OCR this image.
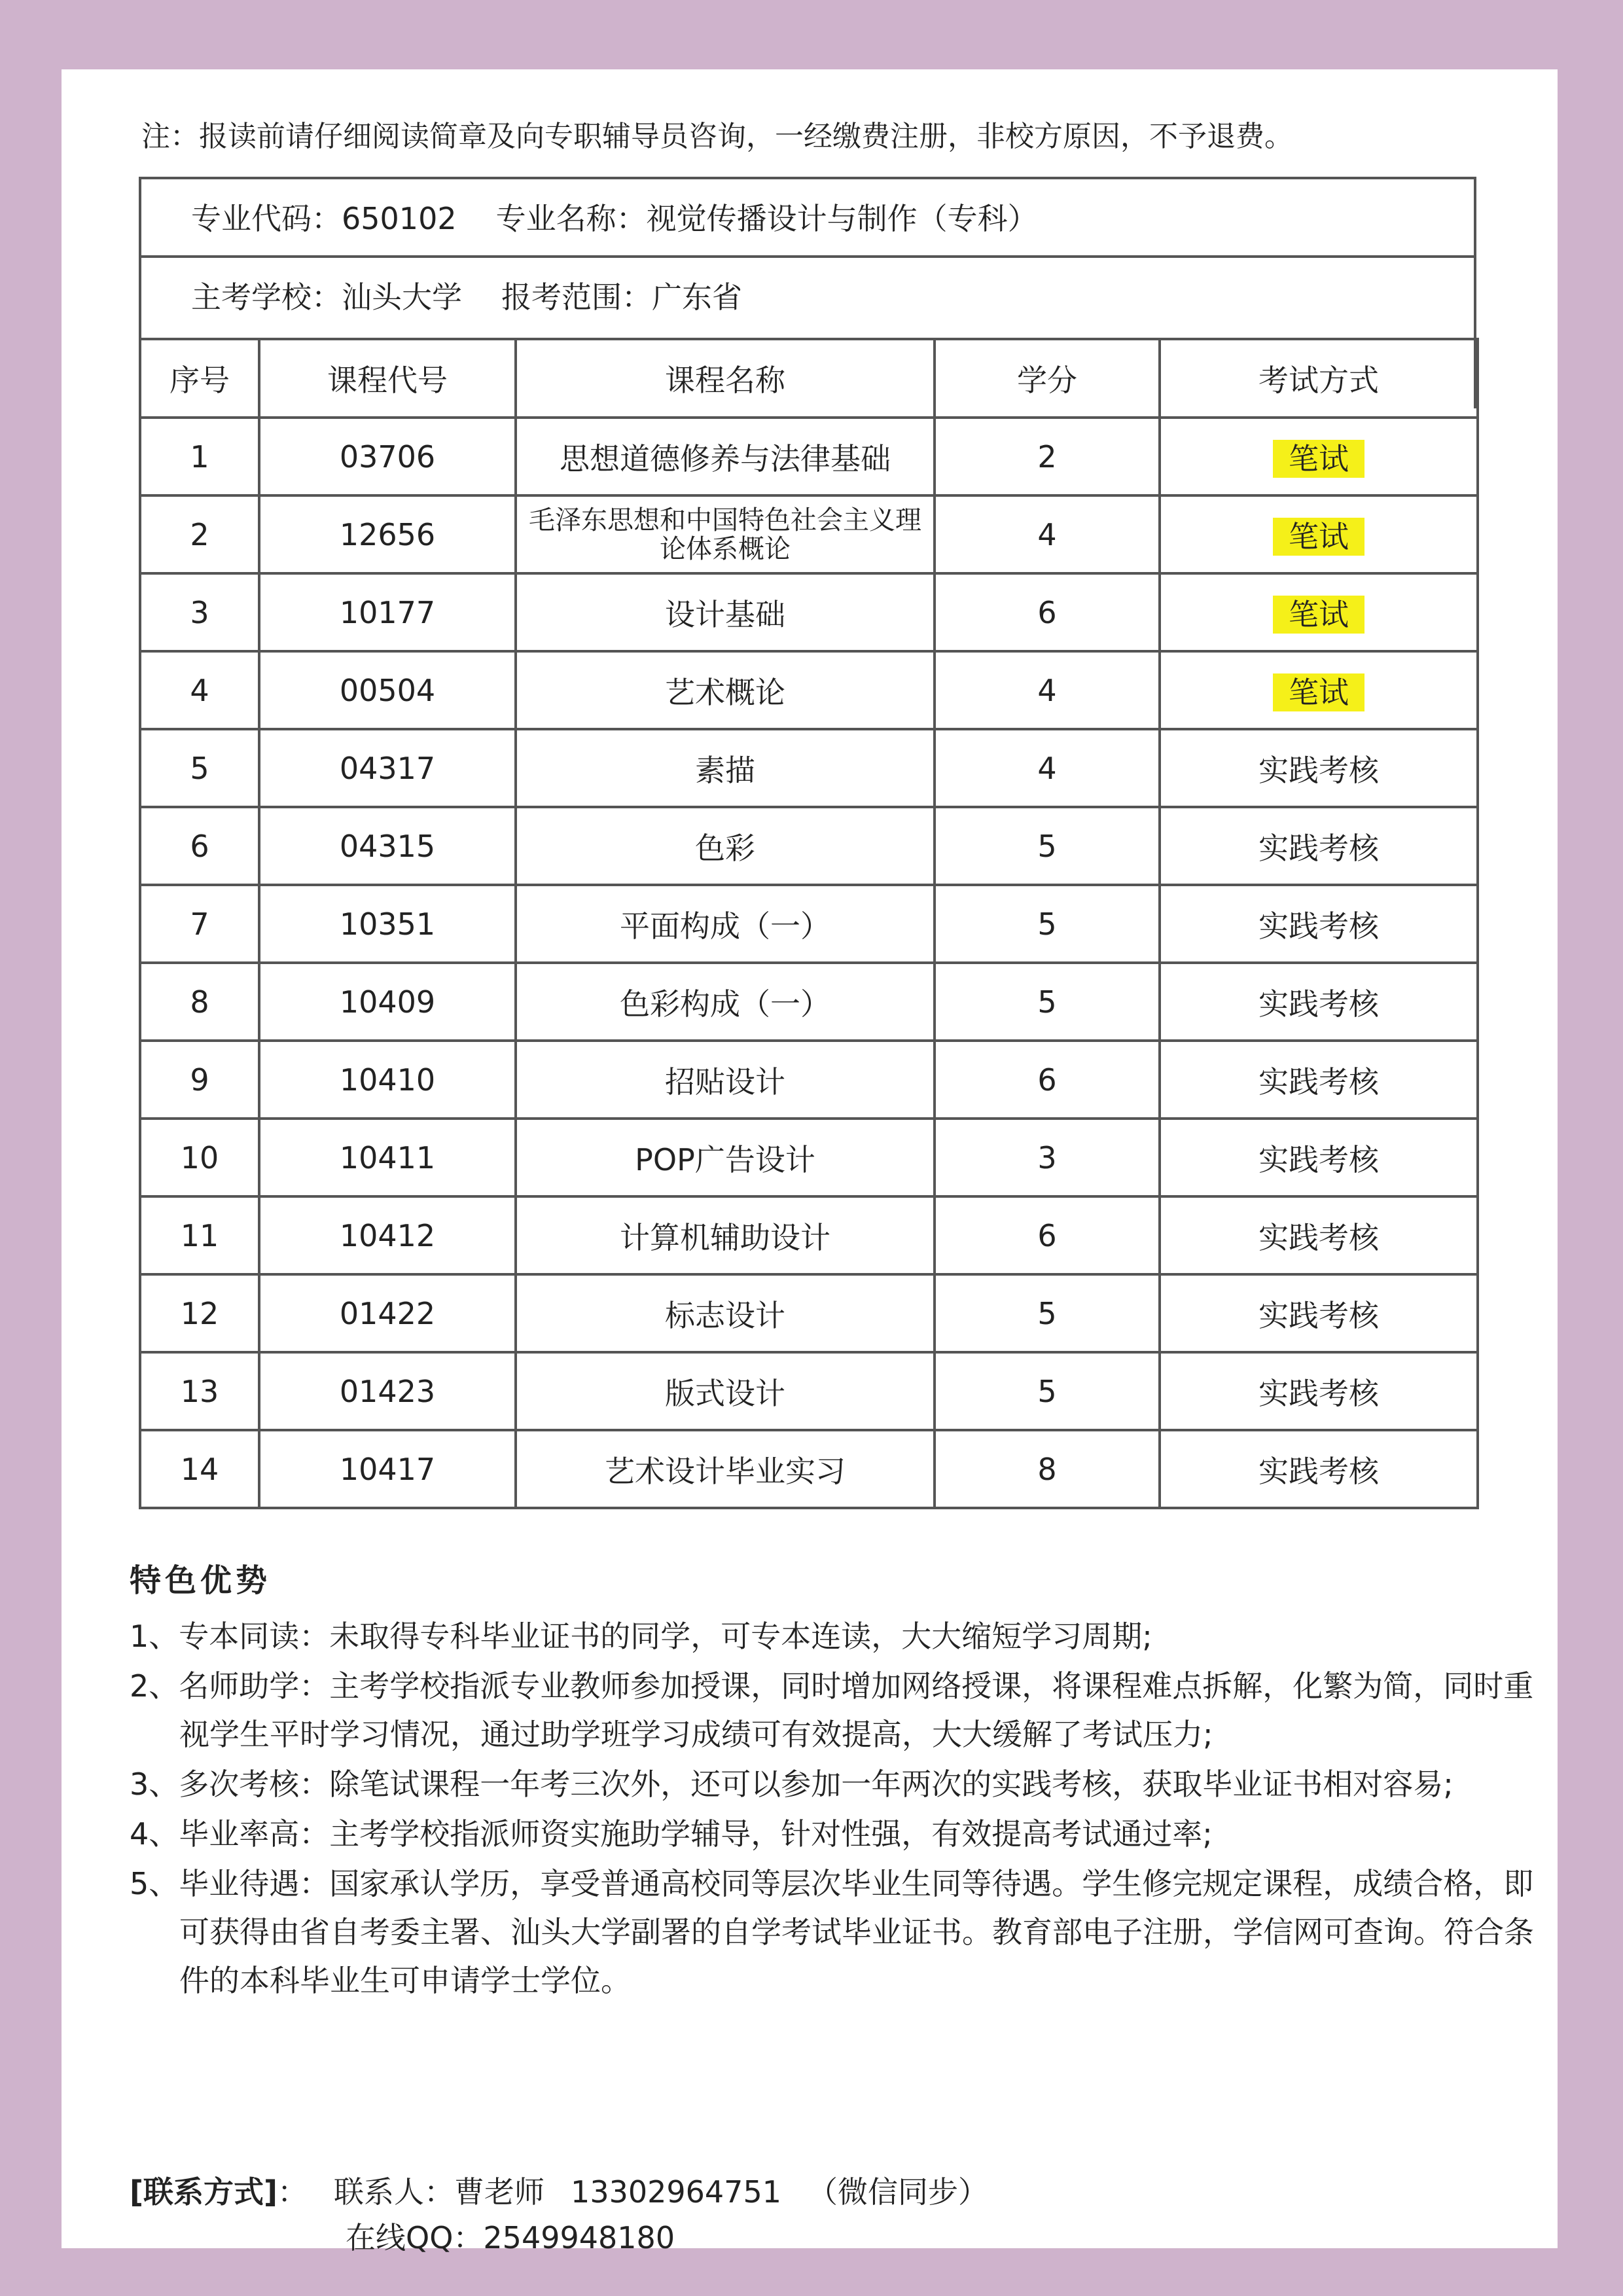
注：报读前请仔细阅读简章及向专职辅导员咨询，一经缴费注册，非校方原因，不予退费。
专业代码：650102 专业名称：视觉传播设计与制作（专科）
主考学校：汕头大学 报考范围：广东省
序号	课程代号	课程名称	学分	考试方式
1	03706	思想道德修养与法律基础	2	笔试
2	12656	毛泽东思想和中国特色社会主义理论体系概论	4	笔试
3	10177	设计基础	6	笔试
4	00504	艺术概论	4	笔试
5	04317	素描	4	实践考核
6	04315	色彩	5	实践考核
7	10351	平面构成（一）	5	实践考核
8	10409	色彩构成（一）	5	实践考核
9	10410	招贴设计	6	实践考核
10	10411	POP广告设计	3	实践考核
11	10412	计算机辅助设计	6	实践考核
12	01422	标志设计	5	实践考核
13	01423	版式设计	5	实践考核
14	10417	艺术设计毕业实习	8	实践考核
特色优势

1、专本同读：未取得专科毕业证书的同学，可专本连读，大大缩短学习周期;

2、名师助学：主考学校指派专业教师参加授课，同时增加网络授课，将课程难点拆解，化繁为简，同时重视学生平时学习情况，通过助学班学习成绩可有效提高，大大缓解了考试压力;

3、多次考核：除笔试课程一年考三次外，还可以参加一年两次的实践考核，获取毕业证书相对容易;

4、毕业率高：主考学校指派师资实施助学辅导，针对性强，有效提高考试通过率;

5、毕业待遇：国家承认学历，享受普通高校同等层次毕业生同等待遇。学生修完规定课程，成绩合格，即可获得由省自考委主署、汕头大学副署的自学考试毕业证书。教育部电子注册，学信网可查询。符合条件的本科毕业生可申请学士学位。

[联系方式]： 联系人：曹老师 13302964751 （微信同步）
在线QQ：2549948180
